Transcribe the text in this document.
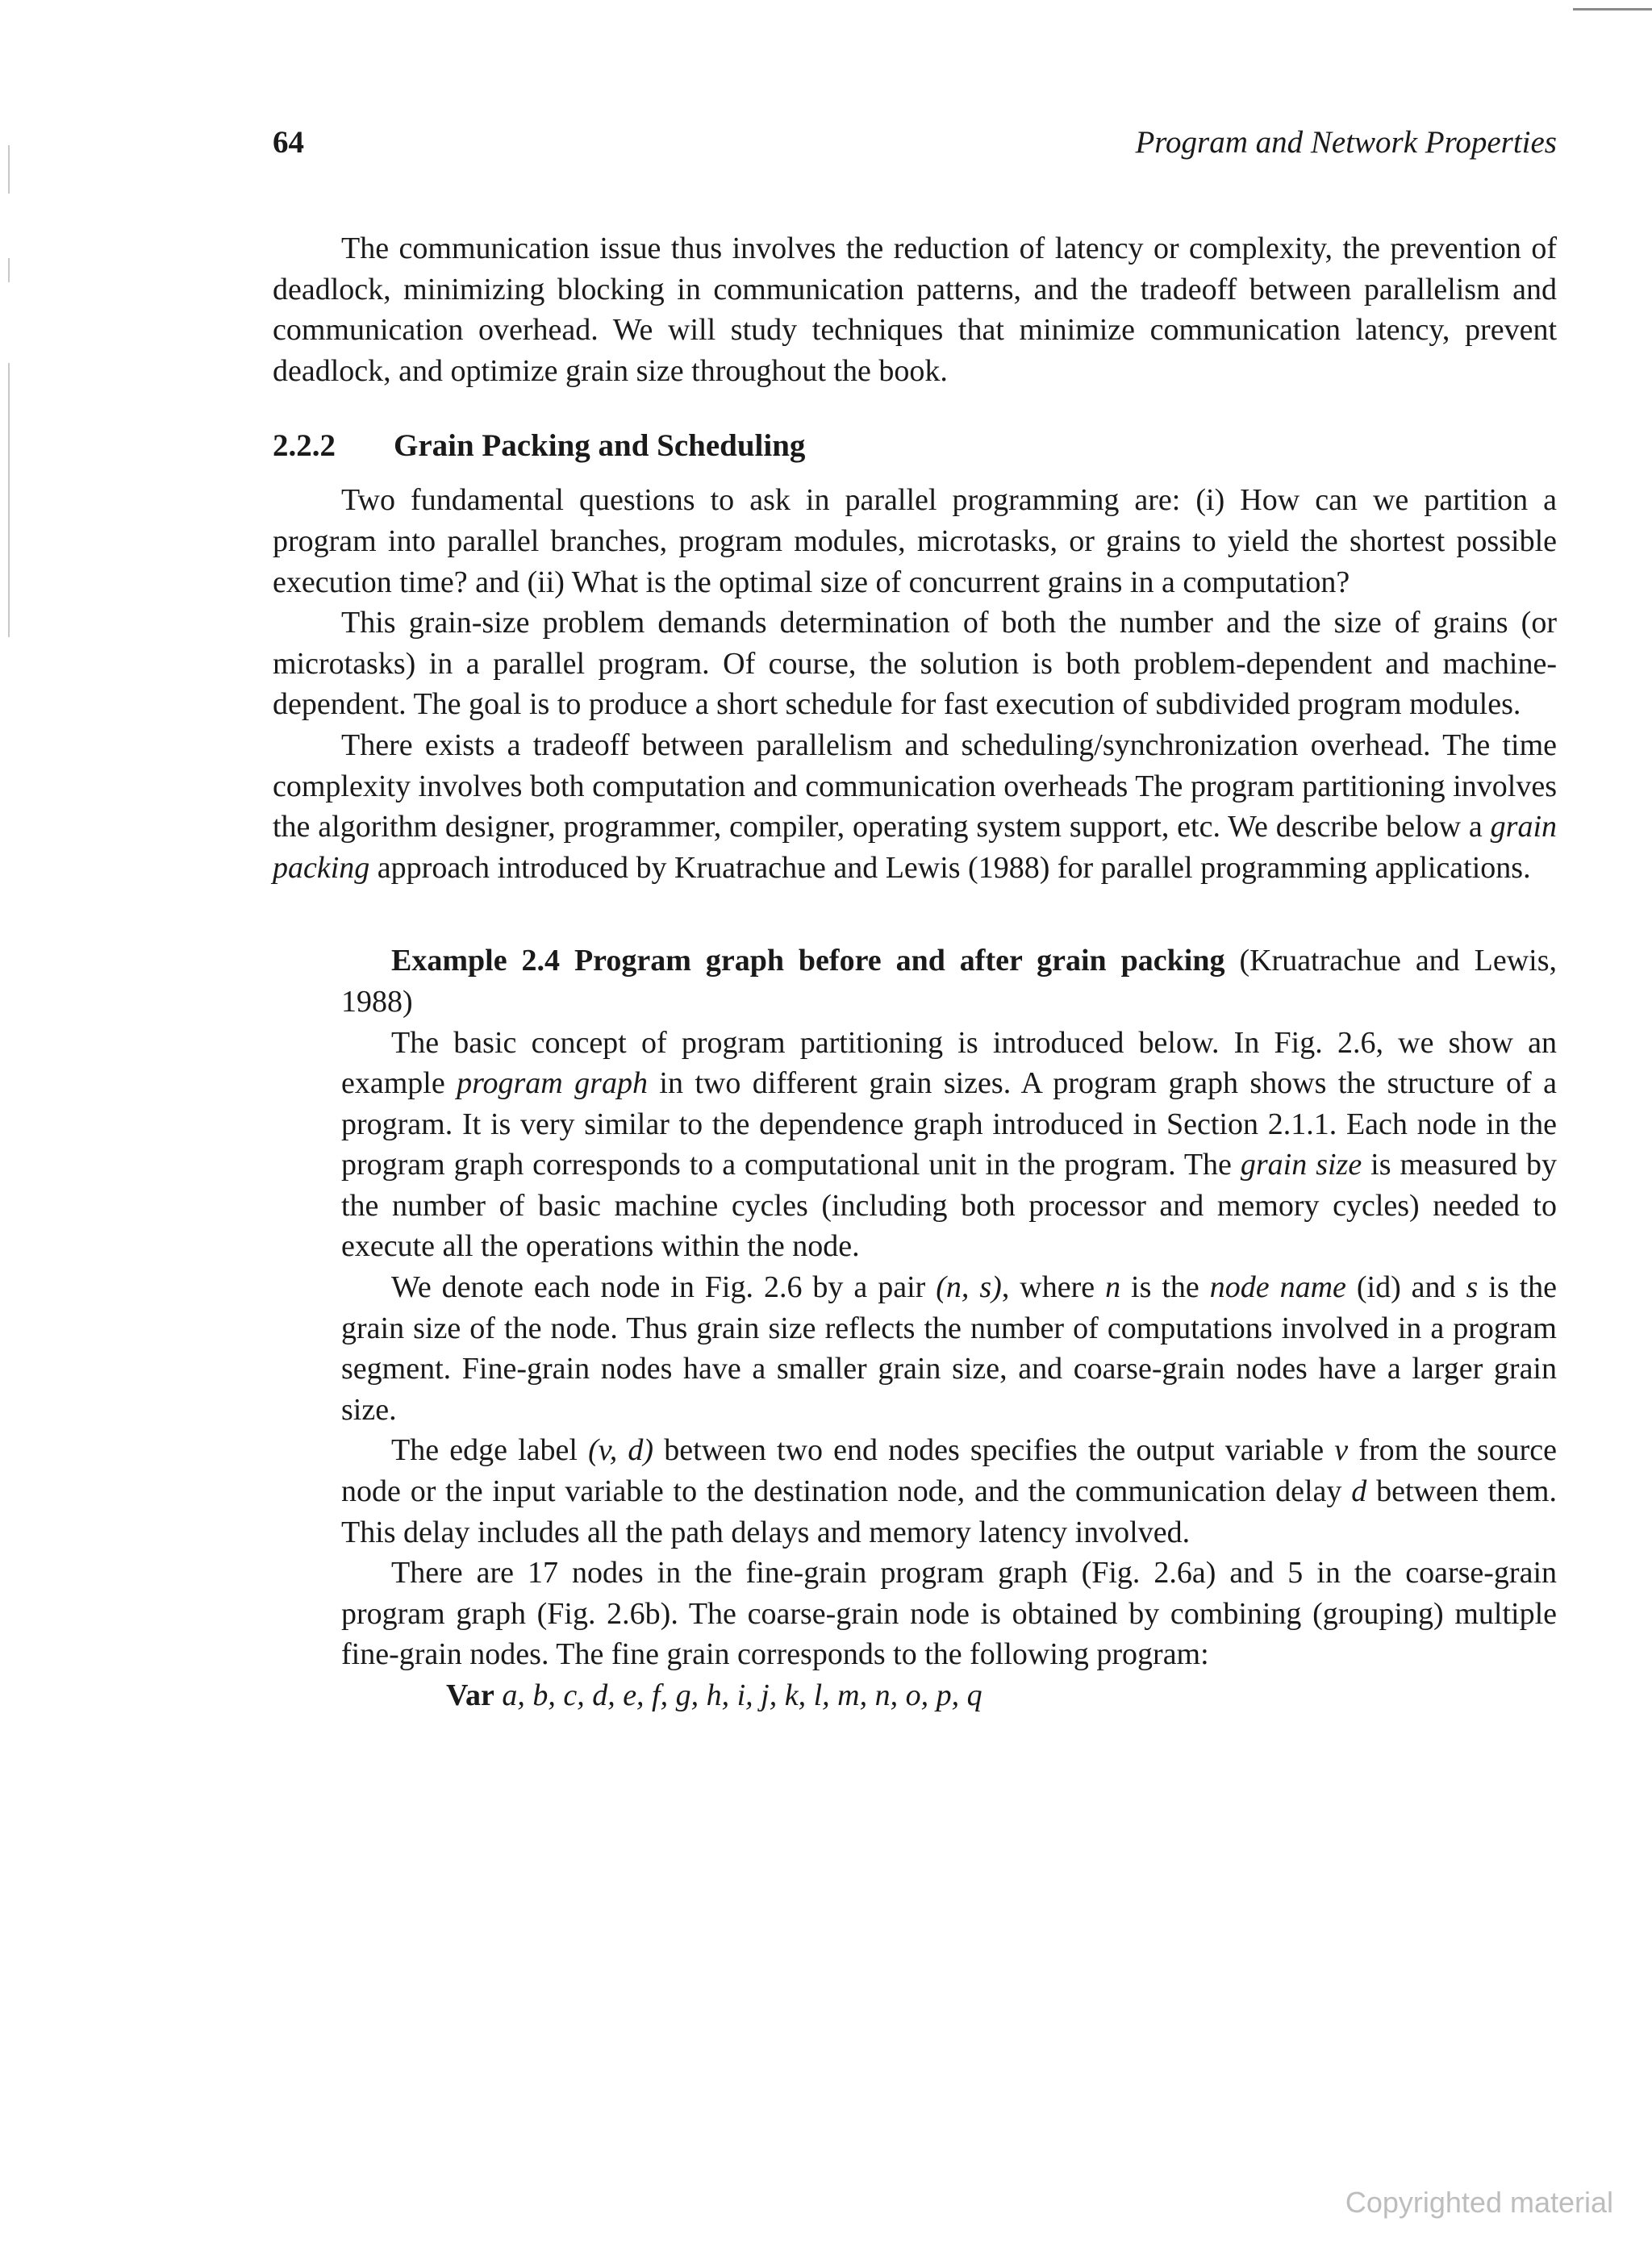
64	Program and Network Properties

The communication issue thus involves the reduction of latency or complexity, the prevention of deadlock, minimizing blocking in communication patterns, and the tradeoff between parallelism and communication overhead. We will study techniques that minimize communication latency, prevent deadlock, and optimize grain size throughout the book.

2.2.2 Grain Packing and Scheduling

Two fundamental questions to ask in parallel programming are: (i) How can we partition a program into parallel branches, program modules, microtasks, or grains to yield the shortest possible execution time? and (ii) What is the optimal size of concurrent grains in a computation?

This grain-size problem demands determination of both the number and the size of grains (or microtasks) in a parallel program. Of course, the solution is both problem-dependent and machine-dependent. The goal is to produce a short schedule for fast execution of subdivided program modules.

There exists a tradeoff between parallelism and scheduling/synchronization overhead. The time complexity involves both computation and communication overheads The program partitioning involves the algorithm designer, programmer, compiler, operating system support, etc. We describe below a grain packing approach introduced by Kruatrachue and Lewis (1988) for parallel programming applications.

Example 2.4 Program graph before and after grain packing (Kruatrachue and Lewis, 1988)

The basic concept of program partitioning is introduced below. In Fig. 2.6, we show an example program graph in two different grain sizes. A program graph shows the structure of a program. It is very similar to the dependence graph introduced in Section 2.1.1. Each node in the program graph corresponds to a computational unit in the program. The grain size is measured by the number of basic machine cycles (including both processor and memory cycles) needed to execute all the operations within the node.

We denote each node in Fig. 2.6 by a pair (n, s), where n is the node name (id) and s is the grain size of the node. Thus grain size reflects the number of computations involved in a program segment. Fine-grain nodes have a smaller grain size, and coarse-grain nodes have a larger grain size.

The edge label (v, d) between two end nodes specifies the output variable v from the source node or the input variable to the destination node, and the communication delay d between them. This delay includes all the path delays and memory latency involved.

There are 17 nodes in the fine-grain program graph (Fig. 2.6a) and 5 in the coarse-grain program graph (Fig. 2.6b). The coarse-grain node is obtained by combining (grouping) multiple fine-grain nodes. The fine grain corresponds to the following program:

Var a, b, c, d, e, f, g, h, i, j, k, l, m, n, o, p, q

Copyrighted material
